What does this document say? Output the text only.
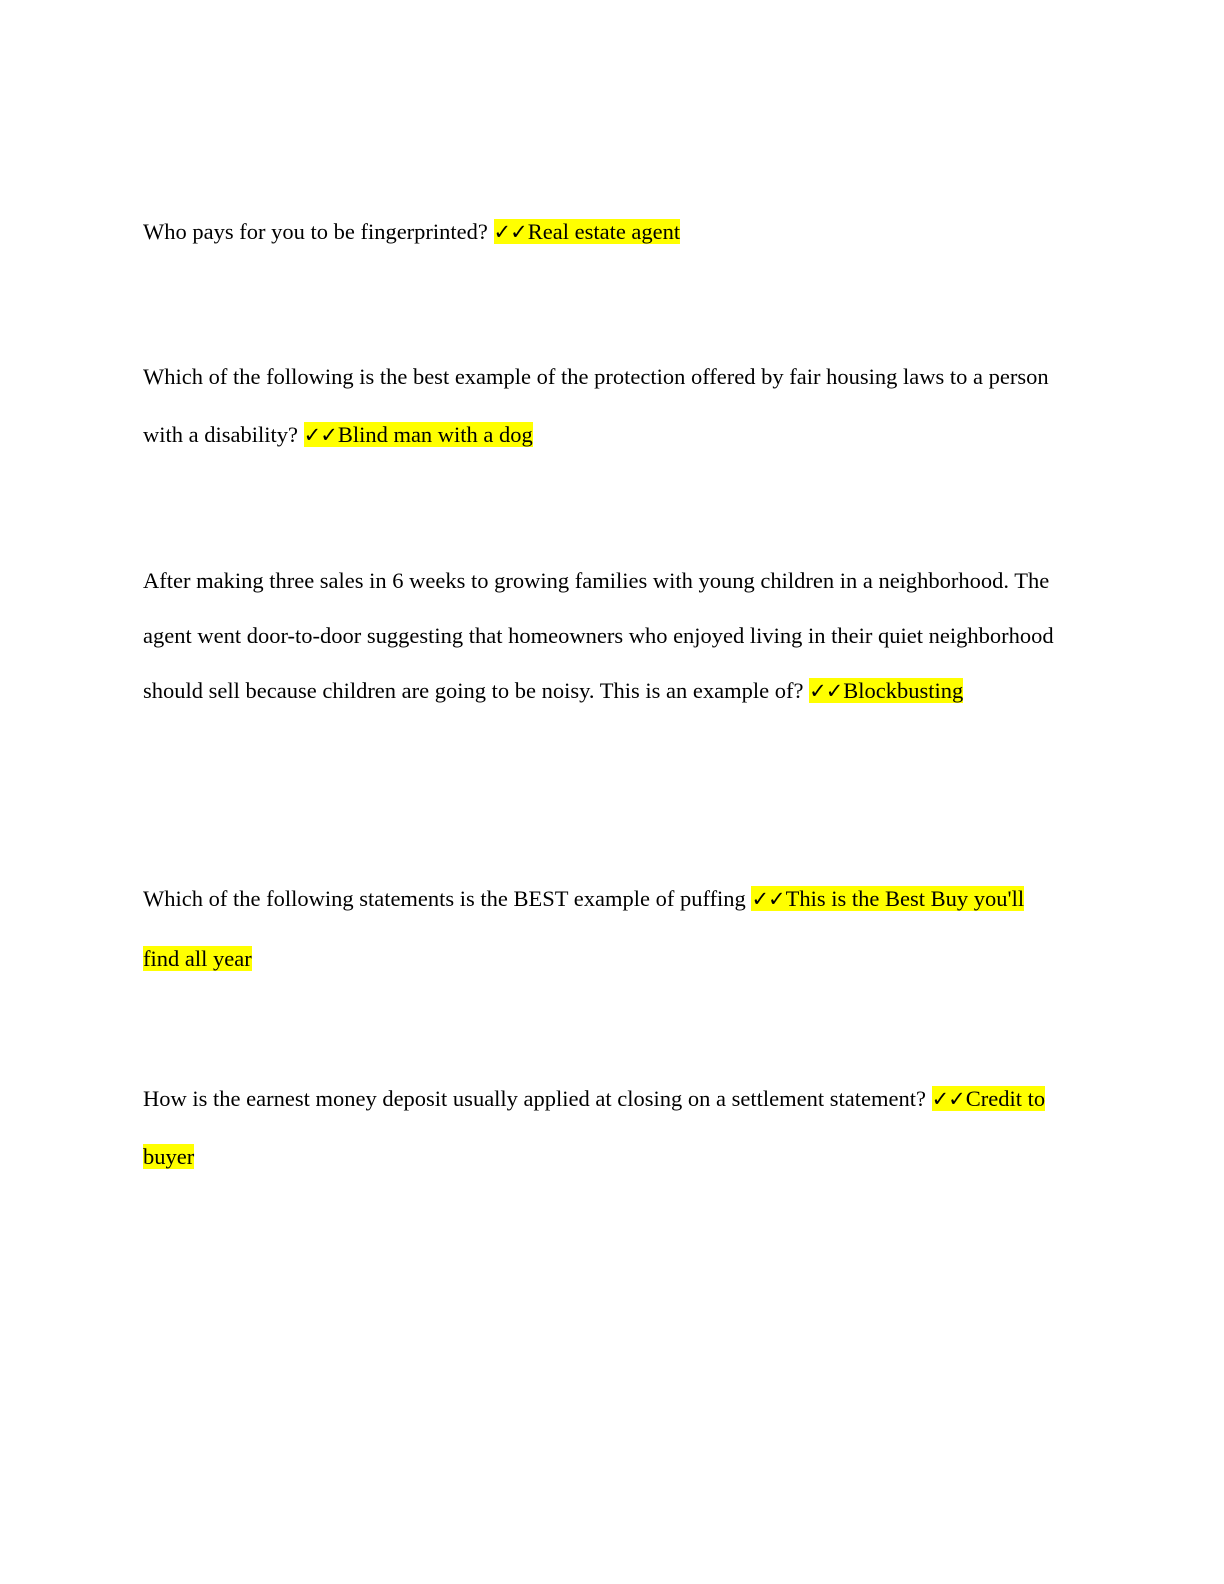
Who pays for you to be fingerprinted? ✓✓Real estate agent

Which of the following is the best example of the protection offered by fair housing laws to a person with a disability? ✓✓Blind man with a dog

After making three sales in 6 weeks to growing families with young children in a neighborhood. The agent went door-to-door suggesting that homeowners who enjoyed living in their quiet neighborhood should sell because children are going to be noisy. This is an example of? ✓✓Blockbusting

Which of the following statements is the BEST example of puffing ✓✓This is the Best Buy you'll find all year

How is the earnest money deposit usually applied at closing on a settlement statement? ✓✓Credit to buyer
